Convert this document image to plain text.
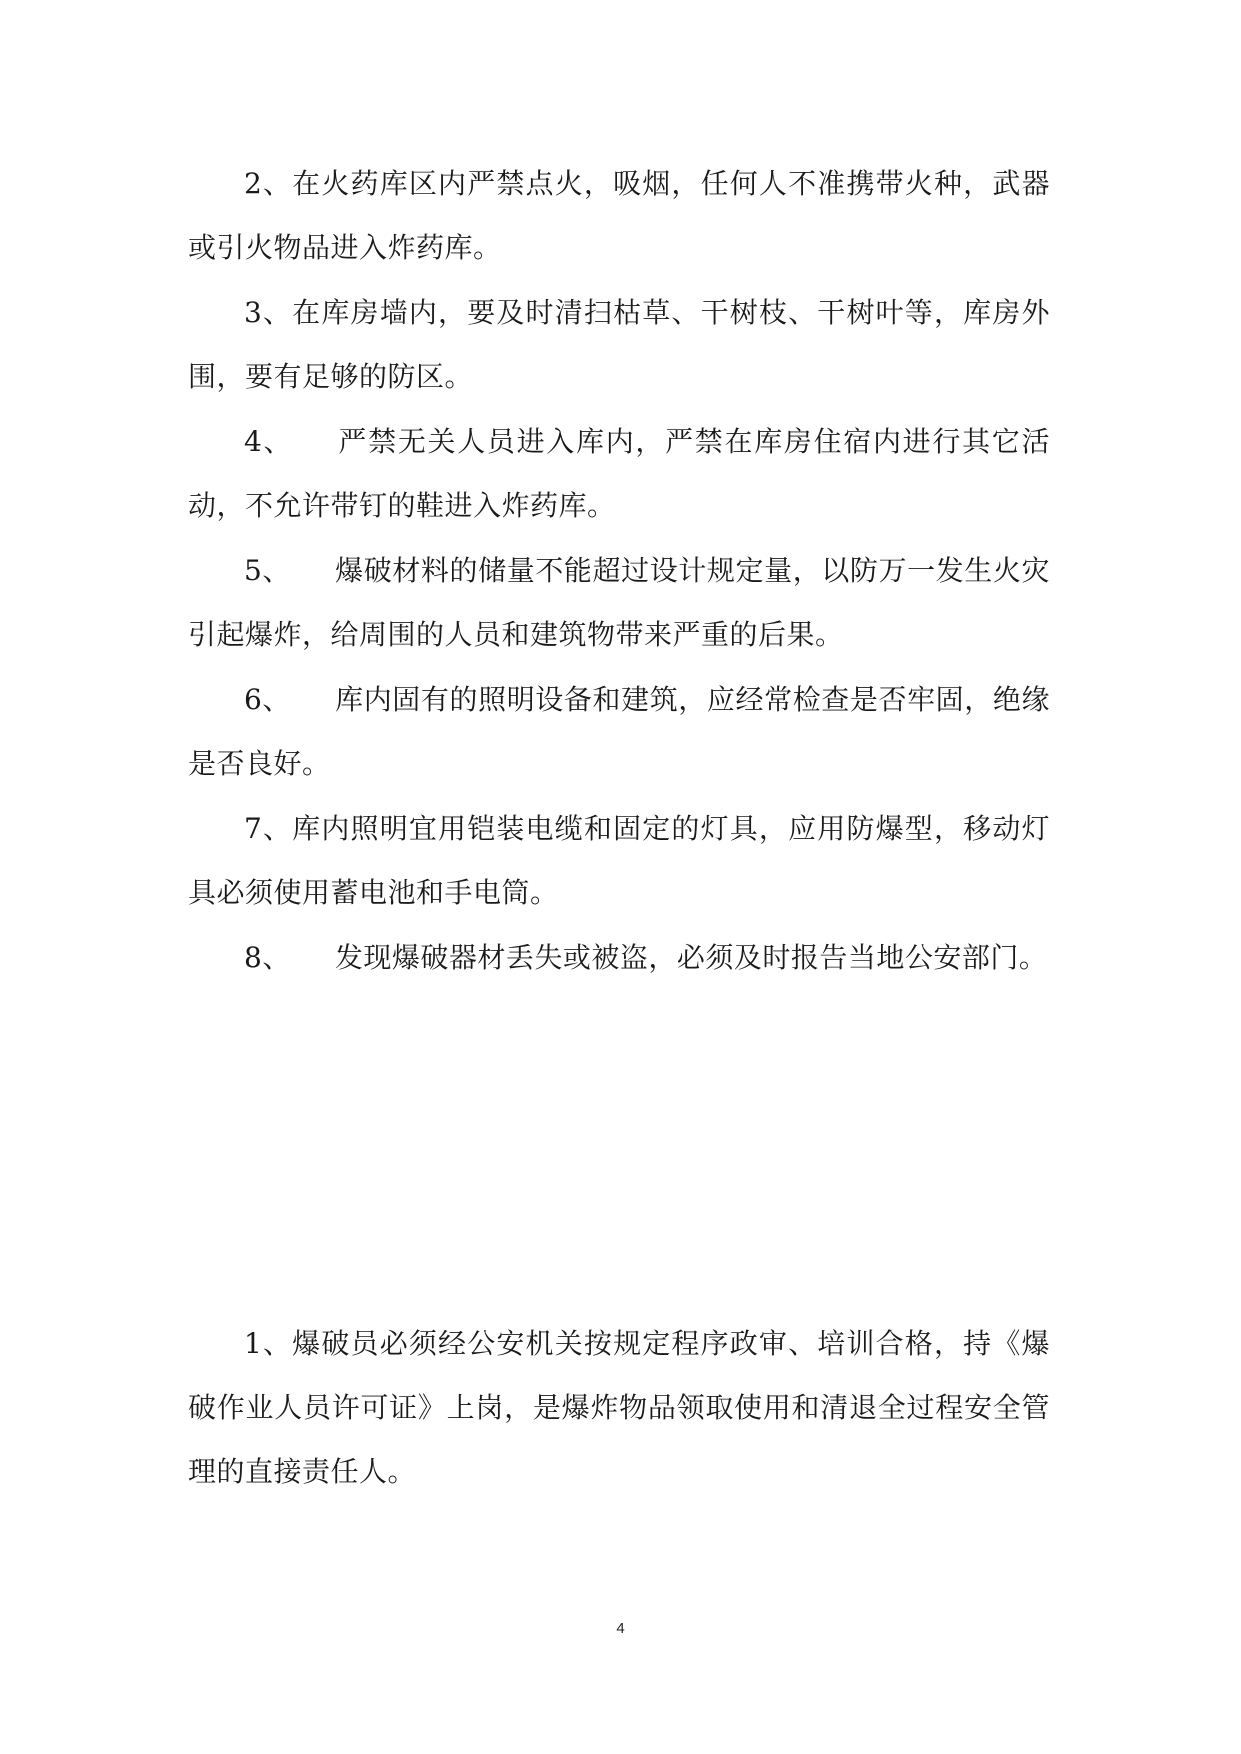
2、在火药库区内严禁点火，吸烟，任何人不准携带火种，武器或引火物品进入炸药库。

3、在库房墙内，要及时清扫枯草、干树枝、干树叶等，库房外围，要有足够的防区。

4、 严禁无关人员进入库内，严禁在库房住宿内进行其它活动，不允许带钉的鞋进入炸药库。

5、 爆破材料的储量不能超过设计规定量，以防万一发生火灾引起爆炸，给周围的人员和建筑物带来严重的后果。

6、 库内固有的照明设备和建筑，应经常检查是否牢固，绝缘是否良好。

7、库内照明宜用铠装电缆和固定的灯具，应用防爆型，移动灯具必须使用蓄电池和手电筒。

8、 发现爆破器材丢失或被盗，必须及时报告当地公安部门。

1、爆破员必须经公安机关按规定程序政审、培训合格，持《爆破作业人员许可证》上岗，是爆炸物品领取使用和清退全过程安全管理的直接责任人。

4
